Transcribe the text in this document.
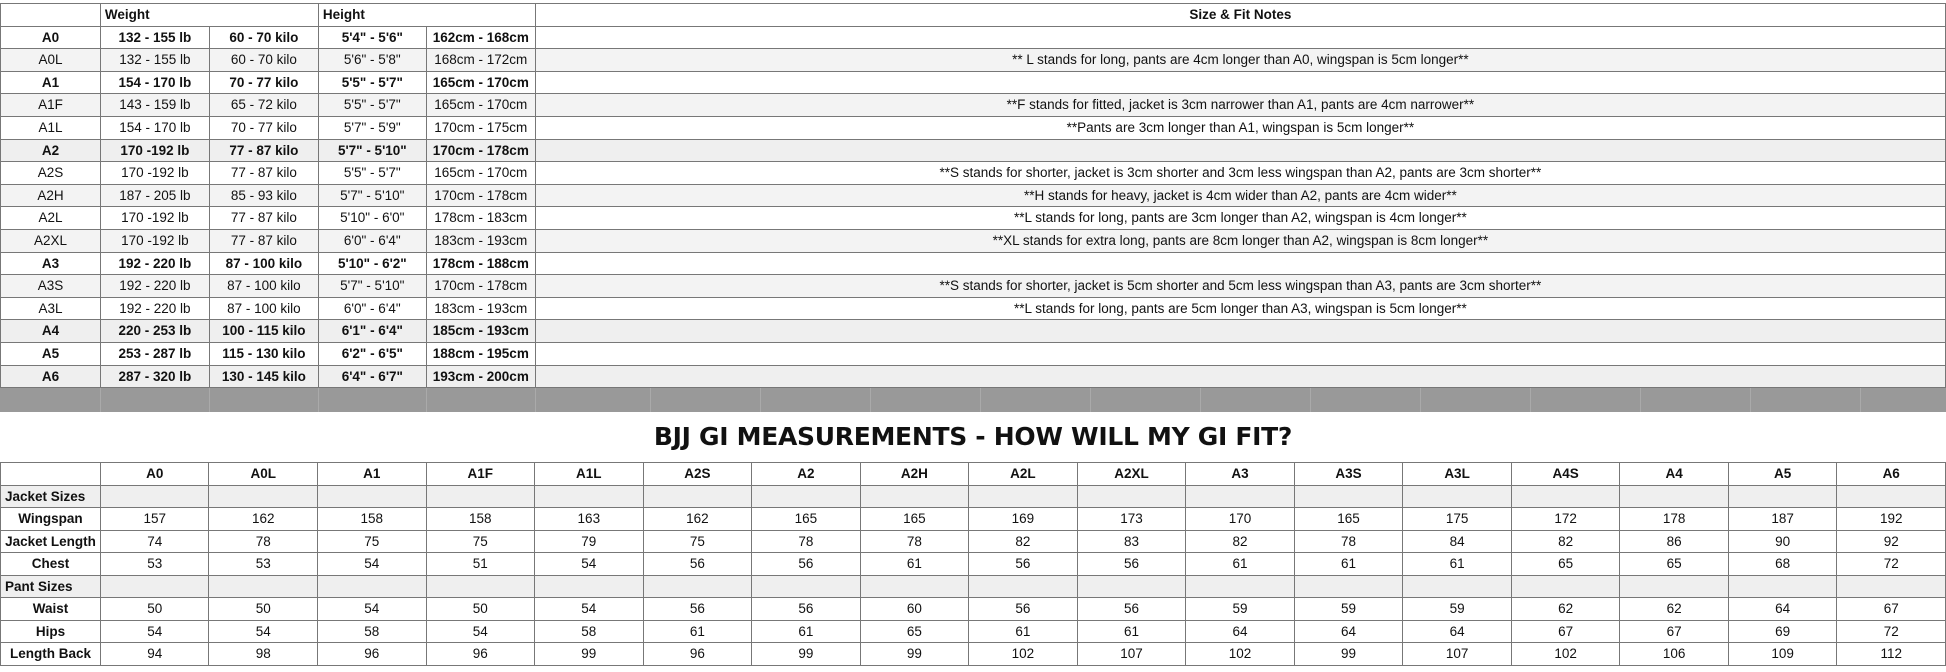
	Weight		Height		Size & Fit Notes
A0	132 - 155 lb	60 - 70 kilo	5'4" - 5'6"	162cm - 168cm	
A0L	132 - 155 lb	60 - 70 kilo	5'6" - 5'8"	168cm - 172cm	** L stands for long, pants are 4cm longer than A0, wingspan is 5cm longer**
A1	154 - 170 lb	70 - 77 kilo	5'5" - 5'7"	165cm - 170cm	
A1F	143 - 159 lb	65 - 72 kilo	5'5" - 5'7"	165cm - 170cm	**F stands for fitted, jacket is 3cm narrower than A1, pants are 4cm narrower**
A1L	154 - 170 lb	70 - 77 kilo	5'7" - 5'9"	170cm - 175cm	**Pants are 3cm longer than A1, wingspan is 5cm longer**
A2	170 -192 lb	77 - 87 kilo	5'7" - 5'10"	170cm - 178cm	
A2S	170 -192 lb	77 - 87 kilo	5'5" - 5'7"	165cm - 170cm	**S stands for shorter, jacket is 3cm shorter and 3cm less wingspan than A2, pants are 3cm shorter**
A2H	187 - 205 lb	85 - 93 kilo	5'7" - 5'10"	170cm - 178cm	**H stands for heavy, jacket is 4cm wider than A2, pants are 4cm wider**
A2L	170 -192 lb	77 - 87 kilo	5'10" - 6'0"	178cm - 183cm	**L stands for long, pants are 3cm longer than A2, wingspan is 4cm longer**
A2XL	170 -192 lb	77 - 87 kilo	6'0" - 6'4"	183cm - 193cm	**XL stands for extra long, pants are 8cm longer than A2, wingspan is 8cm longer**
A3	192 - 220 lb	87 - 100 kilo	5'10" - 6'2"	178cm - 188cm	
A3S	192 - 220 lb	87 - 100 kilo	5'7" - 5'10"	170cm - 178cm	**S stands for shorter, jacket is 5cm shorter and 5cm less wingspan than A3, pants are 3cm shorter**
A3L	192 - 220 lb	87 - 100 kilo	6'0" - 6'4"	183cm - 193cm	**L stands for long, pants are 5cm longer than A3, wingspan is 5cm longer**
A4	220 - 253 lb	100 - 115 kilo	6'1" - 6'4"	185cm - 193cm	
A5	253 - 287 lb	115 - 130 kilo	6'2" - 6'5"	188cm - 195cm	
A6	287 - 320 lb	130 - 145 kilo	6'4" - 6'7"	193cm - 200cm	
BJJ GI MEASUREMENTS - HOW WILL MY GI FIT?
	A0	A0L	A1	A1F	A1L	A2S	A2	A2H	A2L	A2XL	A3	A3S	A3L	A4S	A4	A5	A6
Jacket Sizes																	
Wingspan	157	162	158	158	163	162	165	165	169	173	170	165	175	172	178	187	192
Jacket Length	74	78	75	75	79	75	78	78	82	83	82	78	84	82	86	90	92
Chest	53	53	54	51	54	56	56	61	56	56	61	61	61	65	65	68	72
Pant Sizes																	
Waist	50	50	54	50	54	56	56	60	56	56	59	59	59	62	62	64	67
Hips	54	54	58	54	58	61	61	65	61	61	64	64	64	67	67	69	72
Length Back	94	98	96	96	99	96	99	99	102	107	102	99	107	102	106	109	112
